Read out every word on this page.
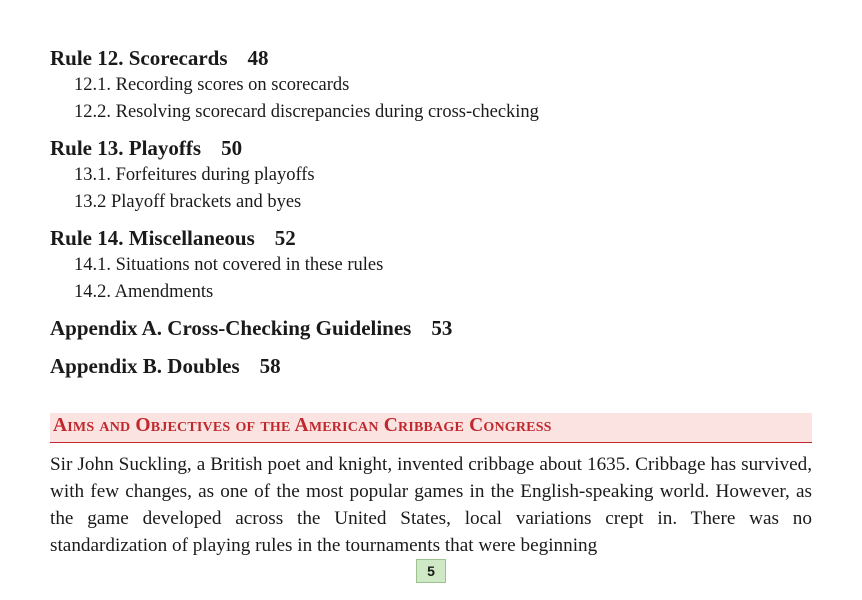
Rule 12. Scorecards 48

12.1. Recording scores on scorecards

12.2. Resolving scorecard discrepancies during cross-checking

Rule 13. Playoffs 50

13.1. Forfeitures during playoffs

13.2 Playoff brackets and byes

Rule 14. Miscellaneous 52

14.1. Situations not covered in these rules

14.2. Amendments

Appendix A. Cross-Checking Guidelines 53

Appendix B. Doubles 58

Aims and Objectives of the American Cribbage Congress

Sir John Suckling, a British poet and knight, invented cribbage about 1635. Cribbage has survived, with few changes, as one of the most popular games in the English-speaking world. However, as the game developed across the United States, local variations crept in. There was no standardization of playing rules in the tournaments that were beginning

5
